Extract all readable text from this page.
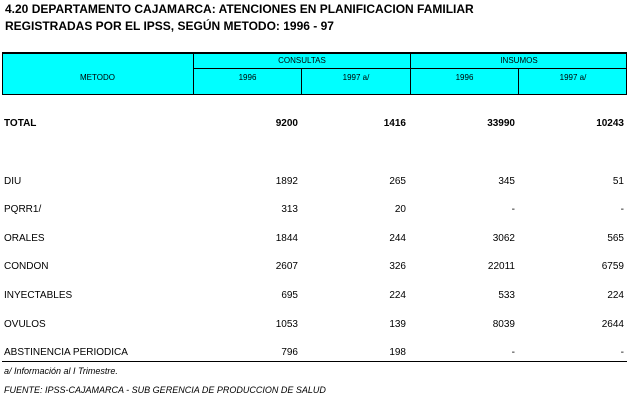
4.20 DEPARTAMENTO CAJAMARCA: ATENCIONES EN PLANIFICACION FAMILIAR
REGISTRADAS POR EL IPSS, SEGÚN METODO: 1996 - 97
METODO
CONSULTAS	INSUMOS
1996	1997 a/	1996	1997 a/
TOTAL	9200	1416	33990	10243
DIU	1892	265	345	51
PQRR1/	313	20	-	-
ORALES	1844	244	3062	565
CONDON	2607	326	22011	6759
INYECTABLES	695	224	533	224
OVULOS	1053	139	8039	2644
ABSTINENCIA PERIODICA	796	198	-	-
a/ Información al I Trimestre.
FUENTE: IPSS-CAJAMARCA - SUB GERENCIA DE PRODUCCION DE SALUD
